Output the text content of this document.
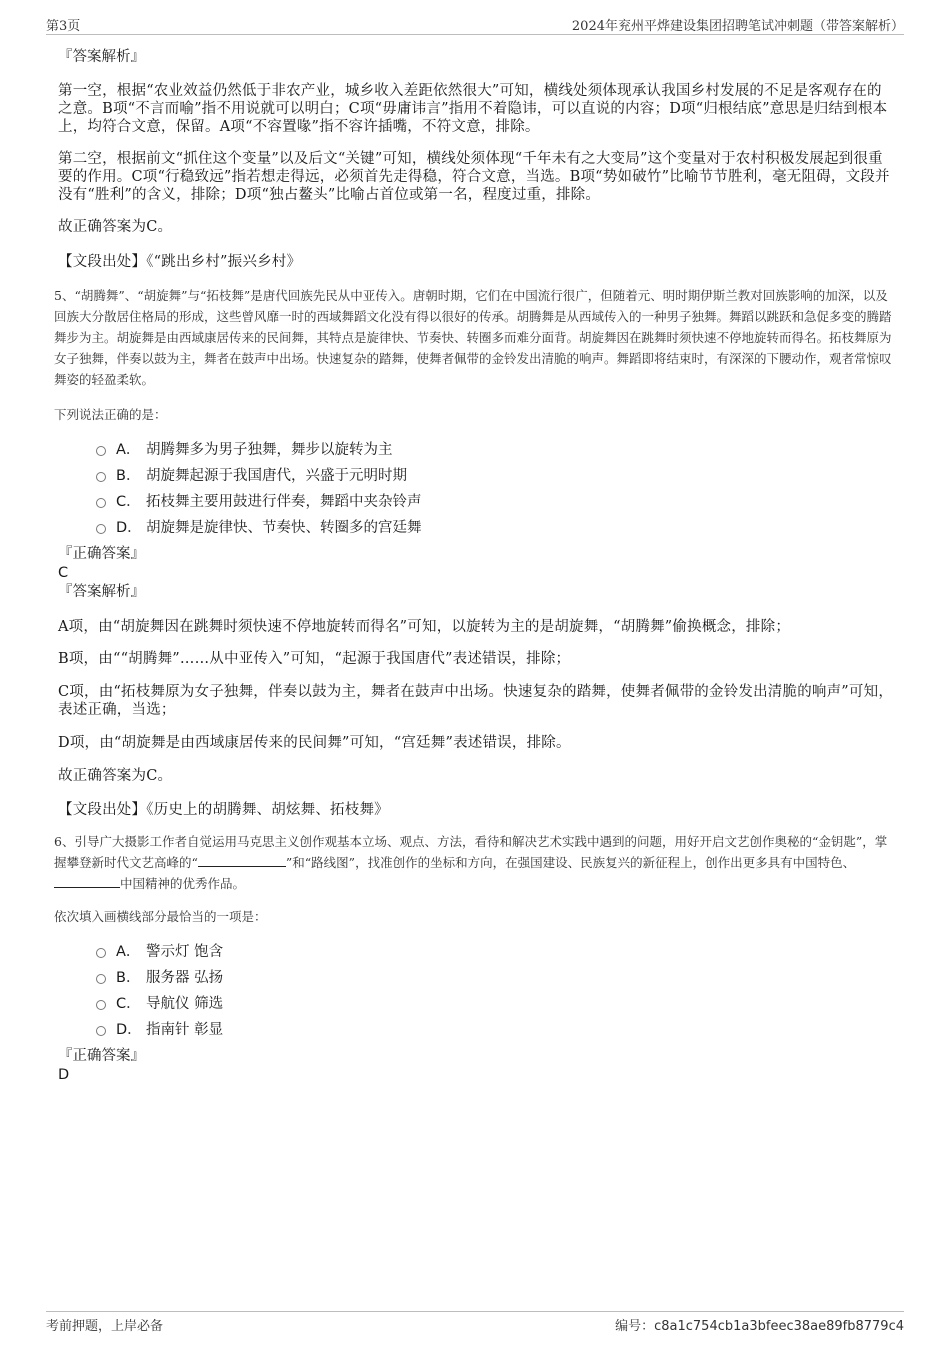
第3页	2024年兖州平烨建设集团招聘笔试冲刺题（带答案解析）
『答案解析』

第一空，根据“农业效益仍然低于非农产业，城乡收入差距依然很大”可知，横线处须体现承认我国乡村发展的不足是客观存在的之意。B项“不言而喻”指不用说就可以明白；C项“毋庸讳言”指用不着隐讳，可以直说的内容；D项“归根结底”意思是归结到根本上，均符合文意，保留。A项“不容置喙”指不容许插嘴，不符文意，排除。

第二空，根据前文“抓住这个变量”以及后文“关键”可知，横线处须体现“千年未有之大变局”这个变量对于农村积极发展起到很重要的作用。C项“行稳致远”指若想走得远，必须首先走得稳，符合文意，当选。B项“势如破竹”比喻节节胜利，毫无阻碍，文段并没有“胜利”的含义，排除；D项“独占鳌头”比喻占首位或第一名，程度过重，排除。

故正确答案为C。

【文段出处】《“跳出乡村”振兴乡村》

5、“胡腾舞”、“胡旋舞”与“拓枝舞”是唐代回族先民从中亚传入。唐朝时期，它们在中国流行很广，但随着元、明时期伊斯兰教对回族影响的加深，以及回族大分散居住格局的形成，这些曾风靡一时的西域舞蹈文化没有得以很好的传承。胡腾舞是从西域传入的一种男子独舞。舞蹈以跳跃和急促多变的腾踏舞步为主。胡旋舞是由西域康居传来的民间舞，其特点是旋律快、节奏快、转圈多而难分面背。胡旋舞因在跳舞时须快速不停地旋转而得名。拓枝舞原为女子独舞，伴奏以鼓为主，舞者在鼓声中出场。快速复杂的踏舞，使舞者佩带的金铃发出清脆的响声。舞蹈即将结束时，有深深的下腰动作，观者常惊叹舞姿的轻盈柔软。

下列说法正确的是：

A． 胡腾舞多为男子独舞，舞步以旋转为主
B． 胡旋舞起源于我国唐代，兴盛于元明时期
C． 拓枝舞主要用鼓进行伴奏，舞蹈中夹杂铃声
D． 胡旋舞是旋律快、节奏快、转圈多的宫廷舞
『正确答案』
C
『答案解析』

A项，由“胡旋舞因在跳舞时须快速不停地旋转而得名”可知，以旋转为主的是胡旋舞，“胡腾舞”偷换概念，排除；

B项，由““胡腾舞”……从中亚传入”可知，“起源于我国唐代”表述错误，排除；

C项，由“拓枝舞原为女子独舞，伴奏以鼓为主，舞者在鼓声中出场。快速复杂的踏舞，使舞者佩带的金铃发出清脆的响声”可知，表述正确，当选；

D项，由“胡旋舞是由西域康居传来的民间舞”可知，“宫廷舞”表述错误，排除。

故正确答案为C。

【文段出处】《历史上的胡腾舞、胡炫舞、拓枝舞》

6、引导广大摄影工作者自觉运用马克思主义创作观基本立场、观点、方法，看待和解决艺术实践中遇到的问题，用好开启文艺创作奥秘的“金钥匙”，掌握攀登新时代文艺高峰的“	”和“路线图”，找准创作的坐标和方向，在强国建设、民族复兴的新征程上，创作出更多具有中国特色、中国精神的优秀作品。

依次填入画横线部分最恰当的一项是：

A． 警示灯 饱含
B． 服务器 弘扬
C． 导航仪 筛选
D． 指南针 彰显
『正确答案』
D
考前押题，上岸必备	编号：c8a1c754cb1a3bfeec38ae89fb8779c4
